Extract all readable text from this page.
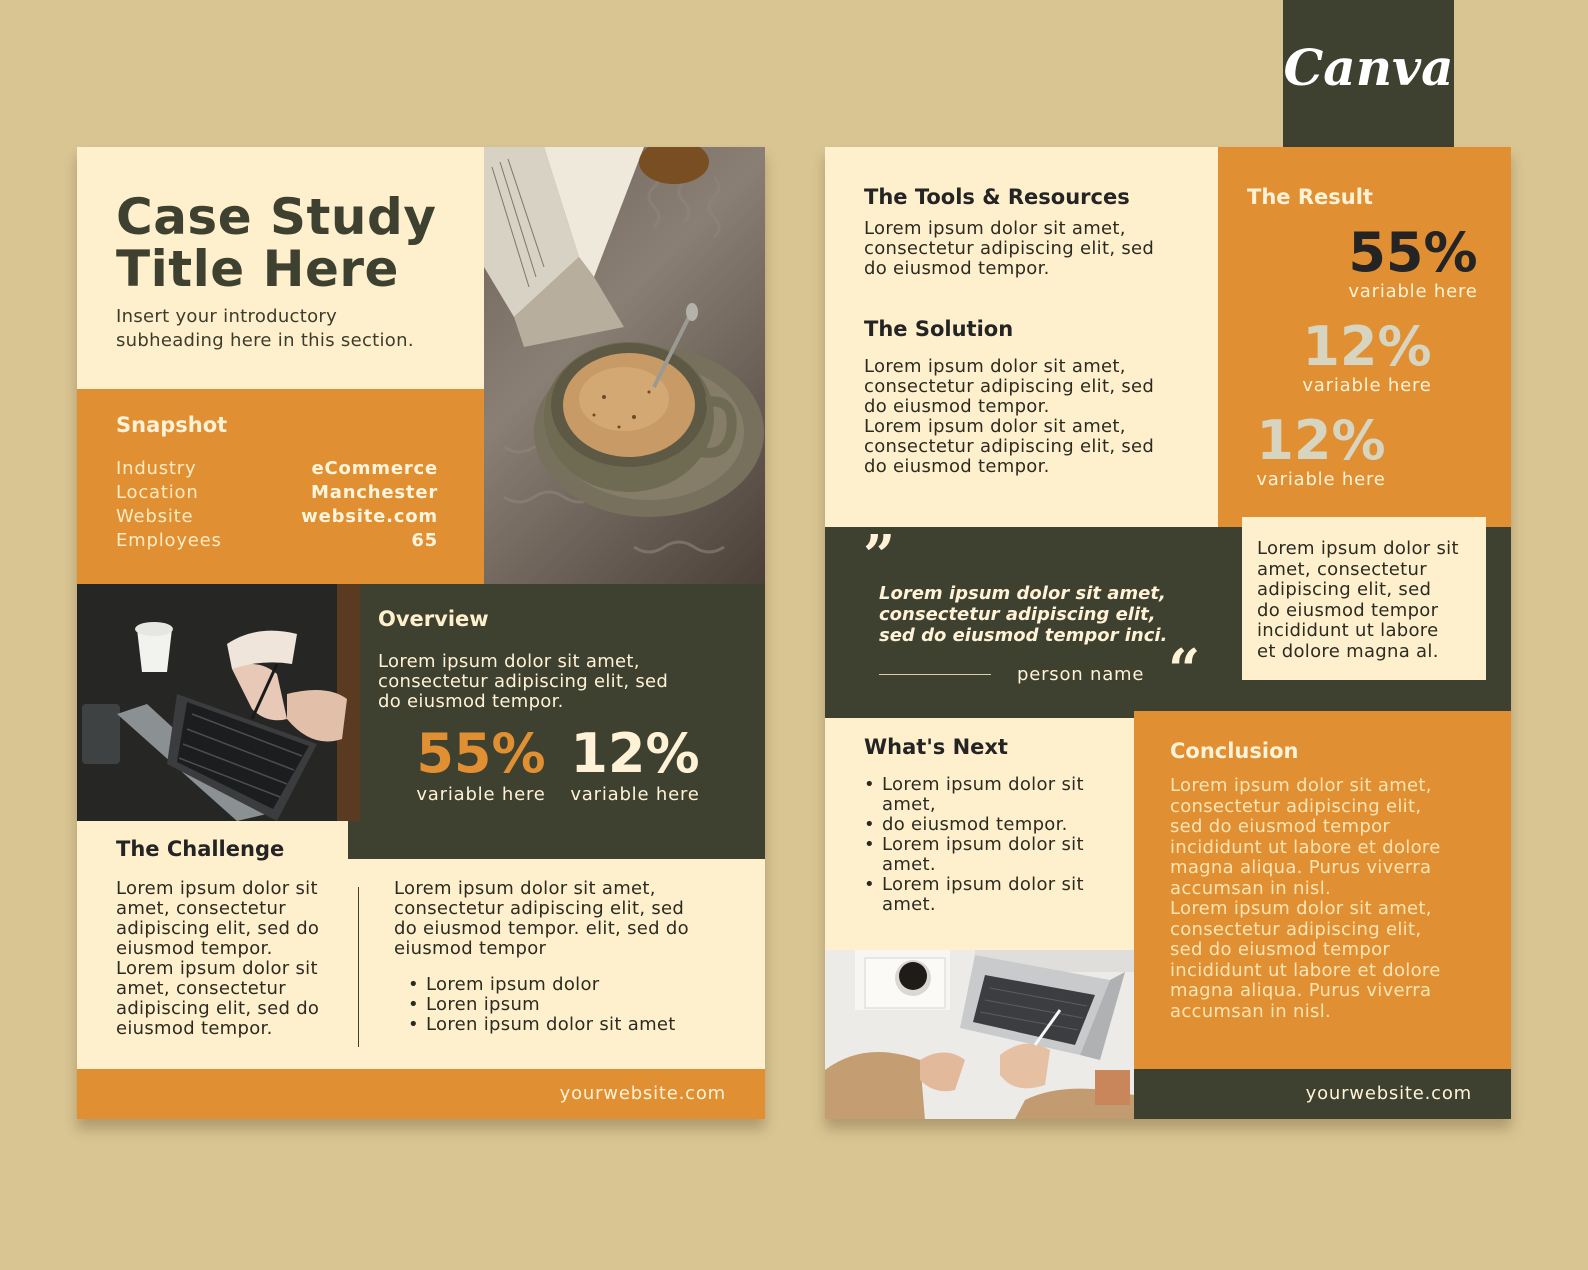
Canva
Case Study
Title Here
Insert your introductory
subheading here in this section.
Snapshot
Industry	eCommerce
Location	Manchester
Website	website.com
Employees	65
Overview
Lorem ipsum dolor sit amet,
consectetur adipiscing elit, sed
do eiusmod tempor.
55%
variable here
12%
variable here
The Challenge
Lorem ipsum dolor sit
amet, consectetur
adipiscing elit, sed do
eiusmod tempor.
Lorem ipsum dolor sit
amet, consectetur
adipiscing elit, sed do
eiusmod tempor.
Lorem ipsum dolor sit amet,
consectetur adipiscing elit, sed
do eiusmod tempor. elit, sed do
eiusmod tempor
• Lorem ipsum dolor
• Loren ipsum
• Loren ipsum dolor sit amet
yourwebsite.com
The Tools & Resources
Lorem ipsum dolor sit amet,
consectetur adipiscing elit, sed
do eiusmod tempor.
The Solution
Lorem ipsum dolor sit amet,
consectetur adipiscing elit, sed
do eiusmod tempor.
Lorem ipsum dolor sit amet,
consectetur adipiscing elit, sed
do eiusmod tempor.
The Result
55%
variable here
12%
variable here
12%
variable here
”
Lorem ipsum dolor sit amet,
consectetur adipiscing elit,
sed do eiusmod tempor inci.
person name “
Lorem ipsum dolor sit
amet, consectetur
adipiscing elit, sed
do eiusmod tempor
incididunt ut labore
et dolore magna al.
What's Next
• Lorem ipsum dolor sit
amet,
• do eiusmod tempor.
• Lorem ipsum dolor sit
amet.
• Lorem ipsum dolor sit
amet.
Conclusion
Lorem ipsum dolor sit amet,
consectetur adipiscing elit,
sed do eiusmod tempor
incididunt ut labore et dolore
magna aliqua. Purus viverra
accumsan in nisl.
Lorem ipsum dolor sit amet,
consectetur adipiscing elit,
sed do eiusmod tempor
incididunt ut labore et dolore
magna aliqua. Purus viverra
accumsan in nisl.
yourwebsite.com
